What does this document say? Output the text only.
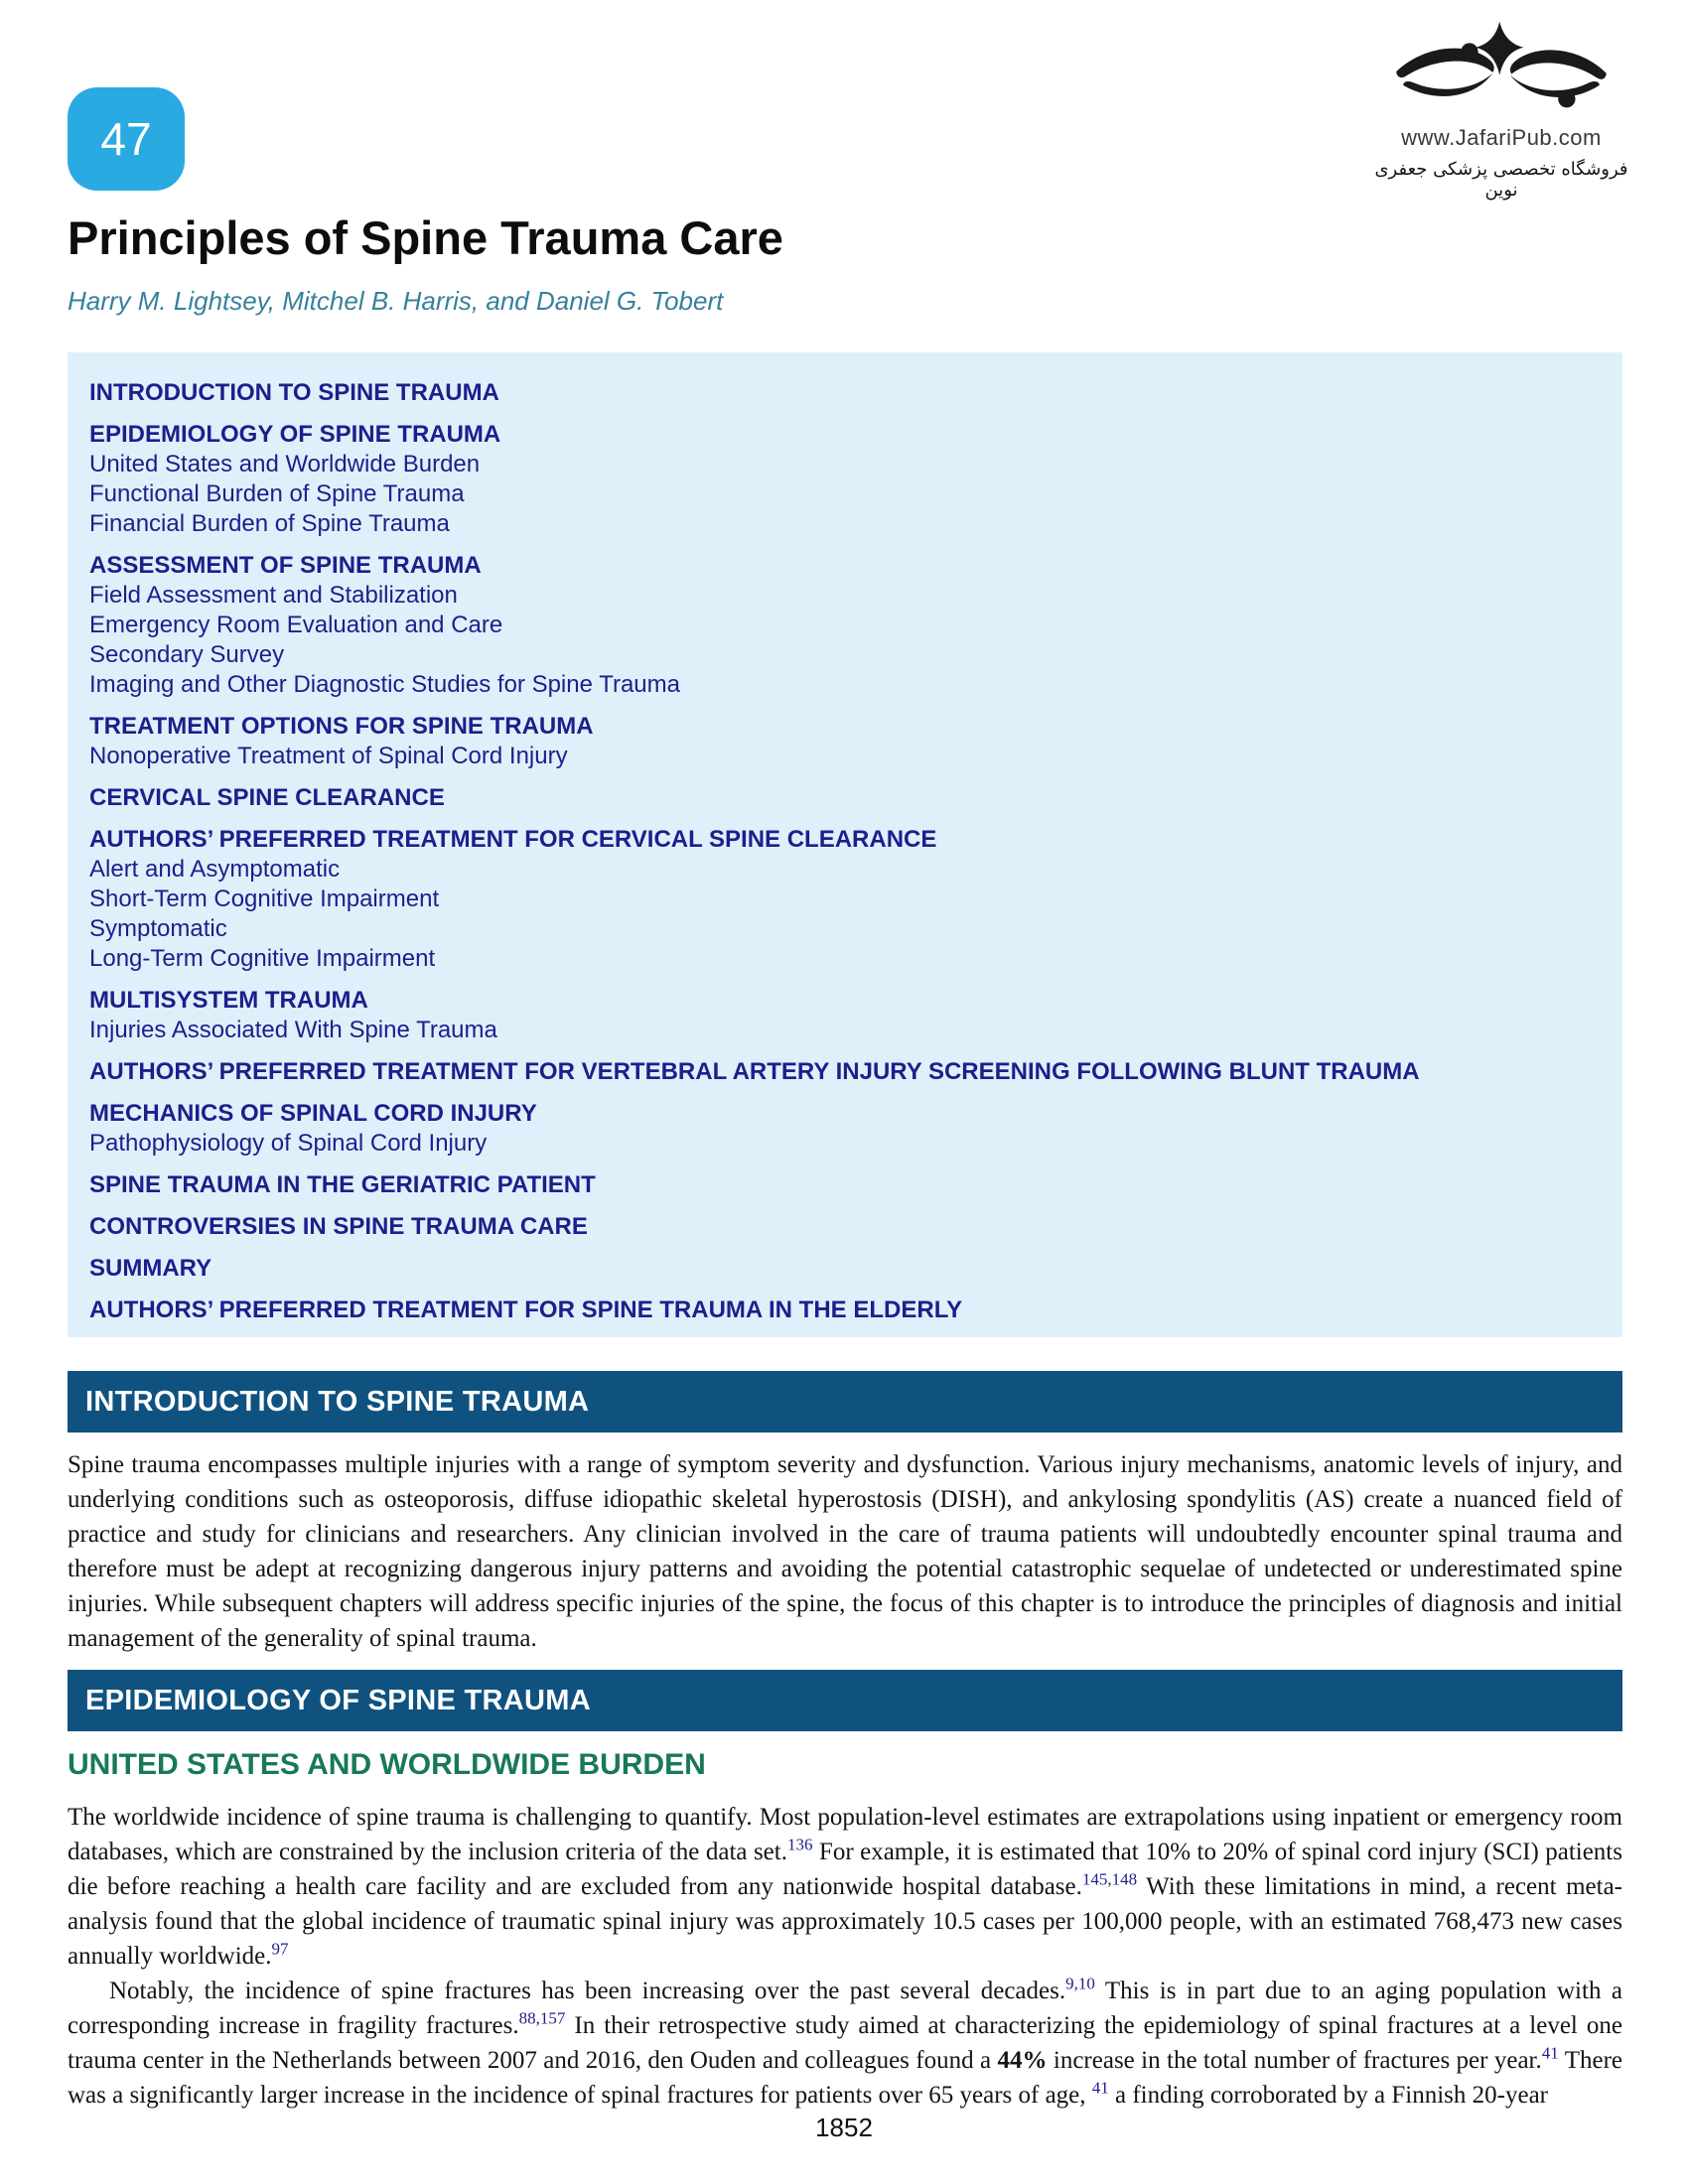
47	www.JafariPub.com
فروشگاه تخصصی پزشکی جعفری نوین
Principles of Spine Trauma Care
Harry M. Lightsey, Mitchel B. Harris, and Daniel G. Tobert
INTRODUCTION TO SPINE TRAUMA
EPIDEMIOLOGY OF SPINE TRAUMA
United States and Worldwide Burden
Functional Burden of Spine Trauma
Financial Burden of Spine Trauma
ASSESSMENT OF SPINE TRAUMA
Field Assessment and Stabilization
Emergency Room Evaluation and Care
Secondary Survey
Imaging and Other Diagnostic Studies for Spine Trauma
TREATMENT OPTIONS FOR SPINE TRAUMA
Nonoperative Treatment of Spinal Cord Injury
CERVICAL SPINE CLEARANCE
AUTHORS’ PREFERRED TREATMENT FOR CERVICAL SPINE CLEARANCE
Alert and Asymptomatic
Short-Term Cognitive Impairment
Symptomatic
Long-Term Cognitive Impairment
MULTISYSTEM TRAUMA
Injuries Associated With Spine Trauma
AUTHORS’ PREFERRED TREATMENT FOR VERTEBRAL ARTERY INJURY SCREENING FOLLOWING BLUNT TRAUMA
MECHANICS OF SPINAL CORD INJURY
Pathophysiology of Spinal Cord Injury
SPINE TRAUMA IN THE GERIATRIC PATIENT
CONTROVERSIES IN SPINE TRAUMA CARE
SUMMARY
AUTHORS’ PREFERRED TREATMENT FOR SPINE TRAUMA IN THE ELDERLY
INTRODUCTION TO SPINE TRAUMA

Spine trauma encompasses multiple injuries with a range of symptom severity and dysfunction. Various injury mechanisms, anatomic levels of injury, and underlying conditions such as osteoporosis, diffuse idiopathic skeletal hyperostosis (DISH), and ankylosing spondylitis (AS) create a nuanced field of practice and study for clinicians and researchers. Any clinician involved in the care of trauma patients will undoubtedly encounter spinal trauma and therefore must be adept at recognizing dangerous injury patterns and avoiding the potential catastrophic sequelae of undetected or underestimated spine injuries. While subsequent chapters will address specific injuries of the spine, the focus of this chapter is to introduce the principles of diagnosis and initial management of the generality of spinal trauma.

EPIDEMIOLOGY OF SPINE TRAUMA
UNITED STATES AND WORLDWIDE BURDEN

The worldwide incidence of spine trauma is challenging to quantify. Most population-level estimates are extrapolations using inpatient or emergency room databases, which are constrained by the inclusion criteria of the data set.$^{136}$ For example, it is estimated that 10% to 20% of spinal cord injury (SCI) patients die before reaching a health care facility and are excluded from any nationwide hospital database.$^{145,148}$ With these limitations in mind, a recent meta-analysis found that the global incidence of traumatic spinal injury was approximately 10.5 cases per 100,000 people, with an estimated 768,473 new cases annually worldwide.$^{97}$

Notably, the incidence of spine fractures has been increasing over the past several decades.$^{9,10}$ This is in part due to an aging population with a corresponding increase in fragility fractures.$^{88,157}$ In their retrospective study aimed at characterizing the epidemiology of spinal fractures at a level one trauma center in the Netherlands between 2007 and 2016, den Ouden and colleagues found a 44% increase in the total number of fractures per year.$^{41}$ There was a significantly larger increase in the incidence of spinal fractures for patients over 65 years of age, $^{41}$ a finding corroborated by a Finnish 20-year

1852
